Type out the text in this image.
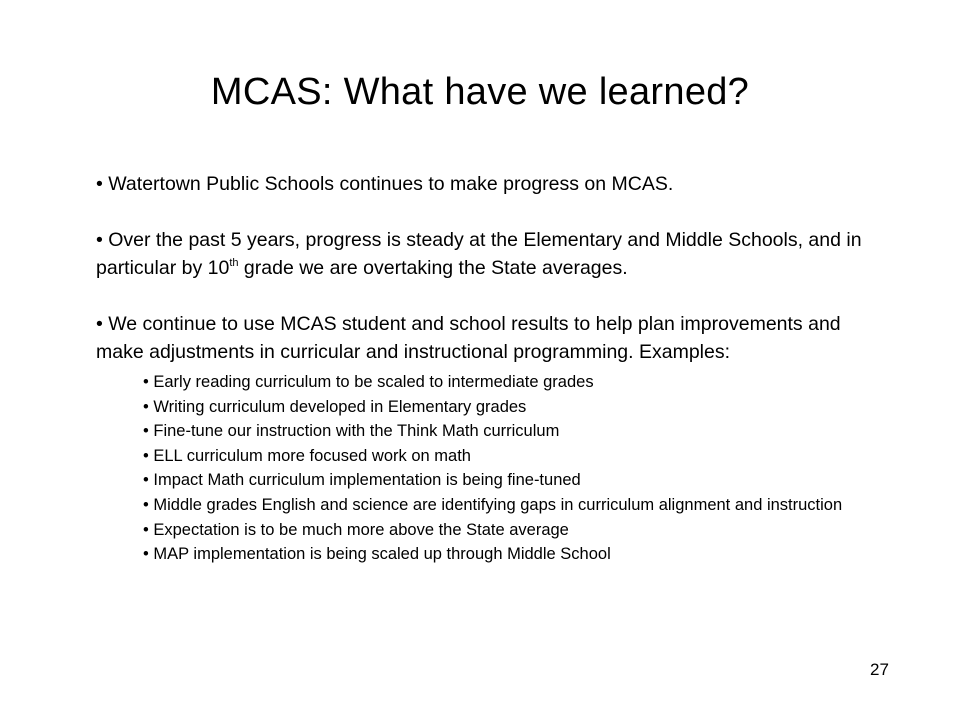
MCAS: What have we learned?

• Watertown Public Schools continues to make progress on MCAS.

• Over the past 5 years, progress is steady at the Elementary and Middle Schools, and in particular by 10th grade we are overtaking the State averages.

• We continue to use MCAS student and school results to help plan improvements and make adjustments in curricular and instructional programming. Examples:
• Early reading curriculum to be scaled to intermediate grades
• Writing curriculum developed in Elementary grades
• Fine-tune our instruction with the Think Math curriculum
• ELL curriculum more focused work on math
• Impact Math curriculum implementation is being fine-tuned
• Middle grades English and science are identifying gaps in curriculum alignment and instruction
• Expectation is to be much more above the State average
• MAP implementation is being scaled up through Middle School
27
